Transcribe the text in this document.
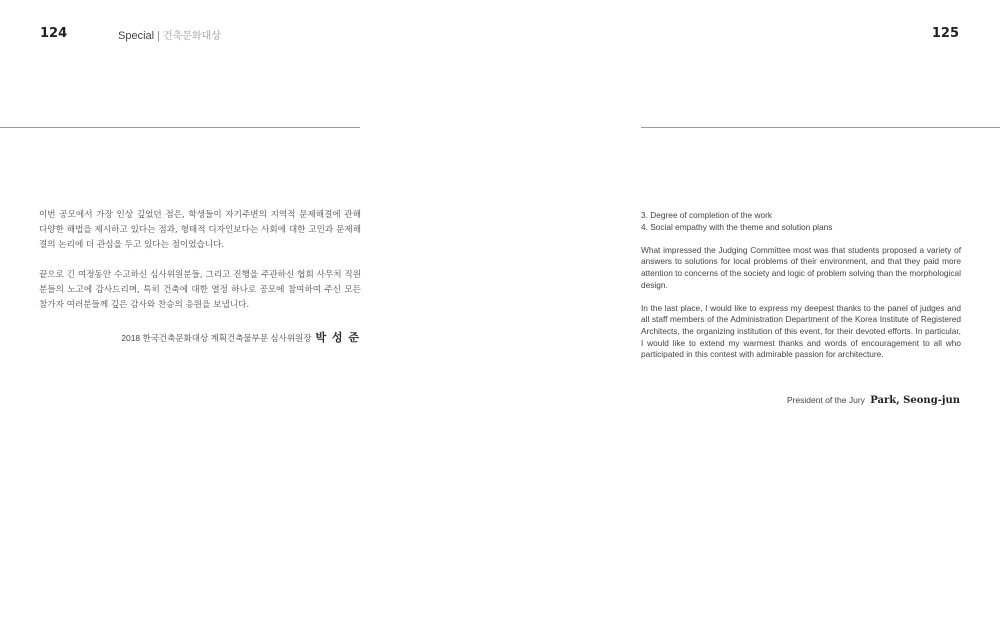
124	Special | 건축문화대상	125

이번 공모에서 가장 인상 깊었던 점은, 학생들이 자기주변의 지역적 문제해결에 관해 다양한 해법을 제시하고 있다는 점과, 형태적 디자인보다는 사회에 대한 고민과 문제해결의 논리에 더 관심을 두고 있다는 점이었습니다.

끝으로 긴 여정동안 수고하신 심사위원분들, 그리고 진행을 주관하신 협회 사무처 직원분들의 노고에 감사드리며, 특히 건축에 대한 열정 하나로 공모에 참여하여 주신 모든 참가자 여러분들께 깊은 감사와 찬승의 응원을 보냅니다.

2018 한국건축문화대상 계획건축물부문 심사위원장 박 성 준
3. Degree of completion of the work
4. Social empathy with the theme and solution plans

What impressed the Judging Committee most was that students proposed a variety of answers to solutions for local problems of their environment, and that they paid more attention to concerns of the society and logic of problem solving than the morphological design.

In the last place, I would like to express my deepest thanks to the panel of judges and all staff members of the Administration Department of the Korea Institute of Registered Architects, the organizing institution of this event, for their devoted efforts. In particular, I would like to extend my warmest thanks and words of encouragement to all who participated in this contest with admirable passion for architecture.

President of the Jury Park, Seong-jun
